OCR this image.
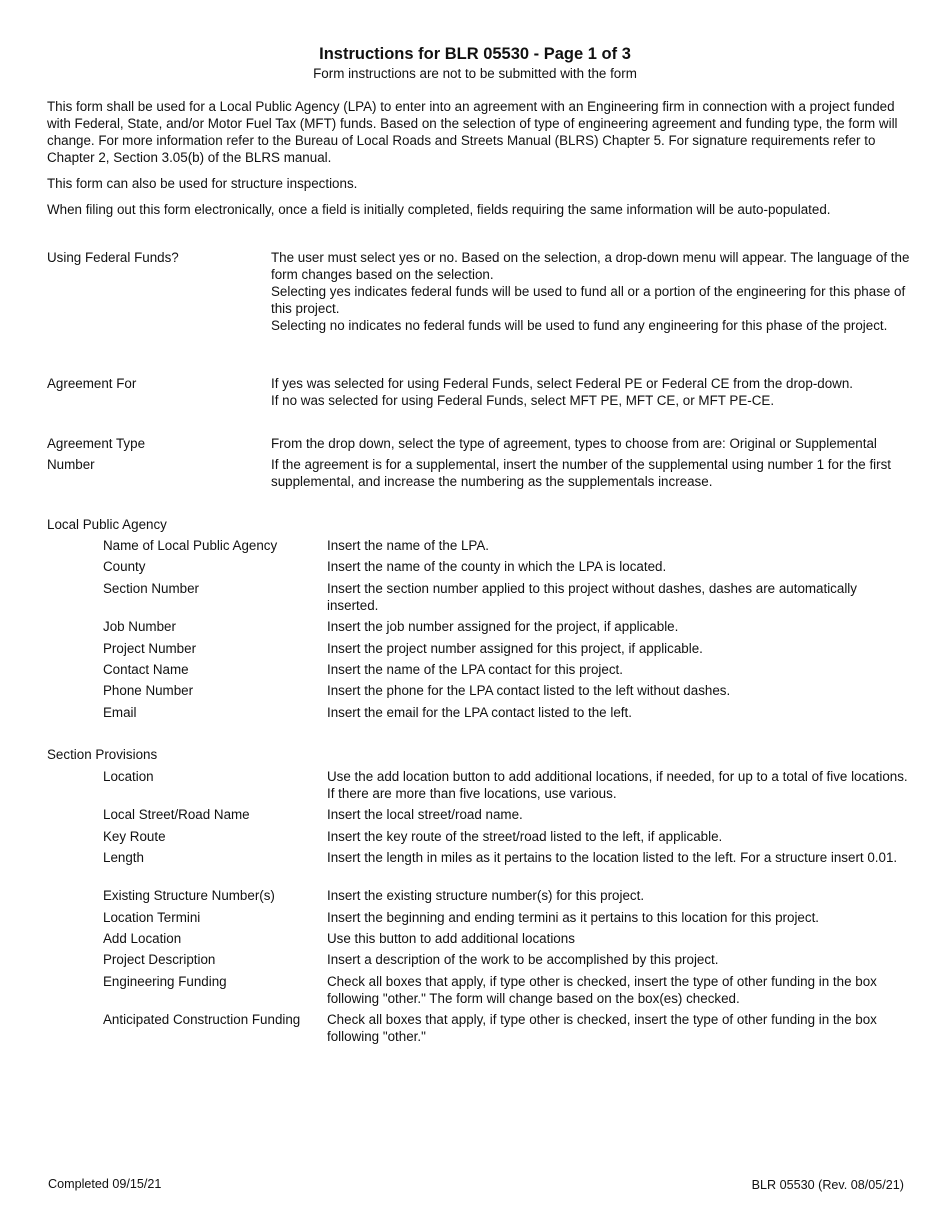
Instructions for BLR 05530 - Page 1 of 3
Form instructions are not to be submitted with the form

This form shall be used for a Local Public Agency (LPA) to enter into an agreement with an Engineering firm in connection with a project funded with Federal, State, and/or Motor Fuel Tax (MFT) funds. Based on the selection of type of engineering agreement and funding type, the form will change. For more information refer to the Bureau of Local Roads and Streets Manual (BLRS) Chapter 5. For signature requirements refer to Chapter 2, Section 3.05(b) of the BLRS manual.

This form can also be used for structure inspections.

When filing out this form electronically, once a field is initially completed, fields requiring the same information will be auto-populated.

Using Federal Funds?	The user must select yes or no. Based on the selection, a drop-down menu will appear. The language of the form changes based on the selection.
Selecting yes indicates federal funds will be used to fund all or a portion of the engineering for this phase of this project.
Selecting no indicates no federal funds will be used to fund any engineering for this phase of the project.
Agreement For	If yes was selected for using Federal Funds, select Federal PE or Federal CE from the drop-down.
If no was selected for using Federal Funds, select MFT PE, MFT CE, or MFT PE-CE.
Agreement Type	From the drop down, select the type of agreement, types to choose from are: Original or Supplemental
Number	If the agreement is for a supplemental, insert the number of the supplemental using number 1 for the first supplemental, and increase the numbering as the supplementals increase.
Local Public Agency
Name of Local Public Agency	Insert the name of the LPA.
County	Insert the name of the county in which the LPA is located.
Section Number	Insert the section number applied to this project without dashes, dashes are automatically inserted.
Job Number	Insert the job number assigned for the project, if applicable.
Project Number	Insert the project number assigned for this project, if applicable.
Contact Name	Insert the name of the LPA contact for this project.
Phone Number	Insert the phone for the LPA contact listed to the left without dashes.
Email	Insert the email for the LPA contact listed to the left.
Section Provisions
Location	Use the add location button to add additional locations, if needed, for up to a total of five locations. If there are more than five locations, use various.
Local Street/Road Name	Insert the local street/road name.
Key Route	Insert the key route of the street/road listed to the left, if applicable.
Length	Insert the length in miles as it pertains to the location listed to the left. For a structure insert 0.01.
Existing Structure Number(s)	Insert the existing structure number(s) for this project.
Location Termini	Insert the beginning and ending termini as it pertains to this location for this project.
Add Location	Use this button to add additional locations
Project Description	Insert a description of the work to be accomplished by this project.
Engineering Funding	Check all boxes that apply, if type other is checked, insert the type of other funding in the box following "other." The form will change based on the box(es) checked.
Anticipated Construction Funding	Check all boxes that apply, if type other is checked, insert the type of other funding in the box following "other."
Completed 09/15/21	BLR 05530 (Rev. 08/05/21)
